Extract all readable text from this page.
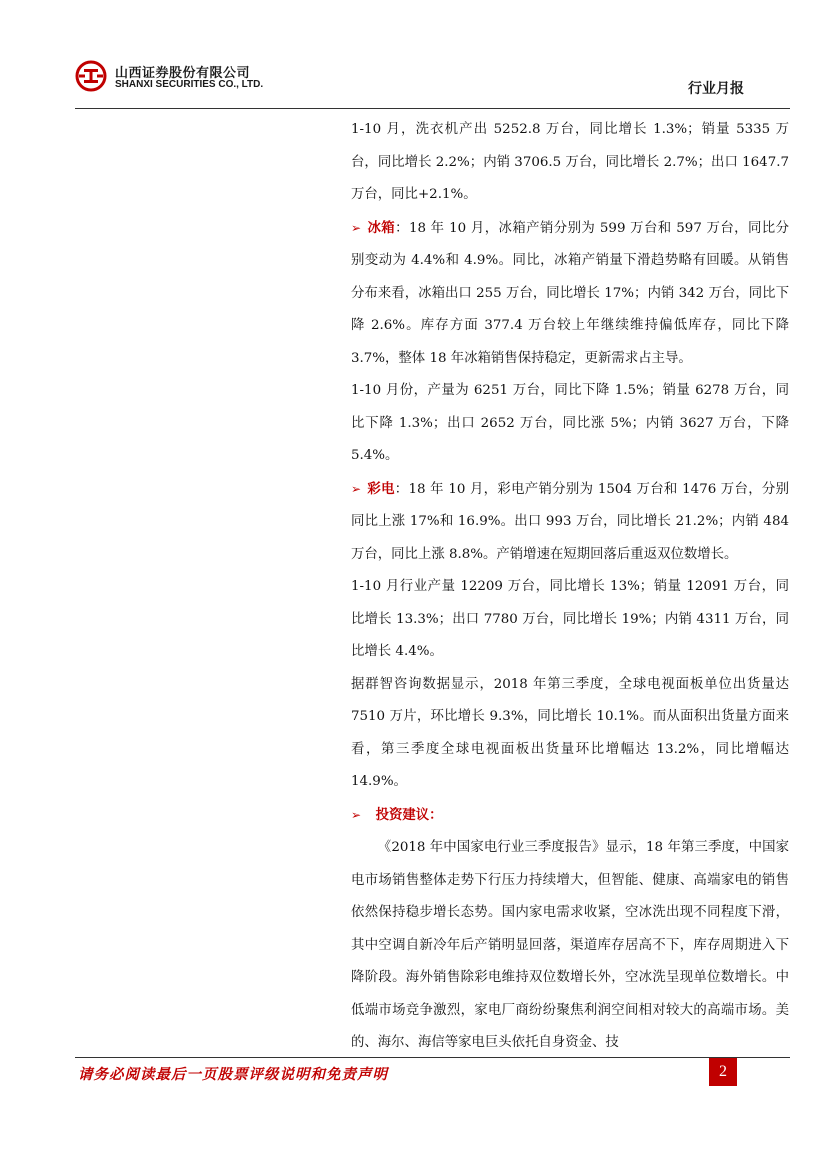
山西证券股份有限公司
SHANXI SECURITIES CO., LTD.	行业月报

1-10 月，洗衣机产出 5252.8 万台，同比增长 1.3%；销量 5335 万台，同比增长 2.2%；内销 3706.5 万台，同比增长 2.7%；出口 1647.7 万台，同比+2.1%。

➢ 冰箱：18 年 10 月，冰箱产销分别为 599 万台和 597 万台，同比分别变动为 4.4%和 4.9%。同比，冰箱产销量下滑趋势略有回暖。从销售分布来看，冰箱出口 255 万台，同比增长 17%；内销 342 万台，同比下降 2.6%。库存方面 377.4 万台较上年继续维持偏低库存，同比下降 3.7%，整体 18 年冰箱销售保持稳定，更新需求占主导。

1-10 月份，产量为 6251 万台，同比下降 1.5%；销量 6278 万台，同比下降 1.3%；出口 2652 万台，同比涨 5%；内销 3627 万台，下降 5.4%。

➢ 彩电：18 年 10 月，彩电产销分别为 1504 万台和 1476 万台，分别同比上涨 17%和 16.9%。出口 993 万台，同比增长 21.2%；内销 484 万台，同比上涨 8.8%。产销增速在短期回落后重返双位数增长。

1-10 月行业产量 12209 万台，同比增长 13%；销量 12091 万台，同比增长 13.3%；出口 7780 万台，同比增长 19%；内销 4311 万台，同比增长 4.4%。

据群智咨询数据显示，2018 年第三季度，全球电视面板单位出货量达 7510 万片，环比增长 9.3%，同比增长 10.1%。而从面积出货量方面来看，第三季度全球电视面板出货量环比增幅达 13.2%，同比增幅达 14.9%。

➢ 投资建议：

《2018 年中国家电行业三季度报告》显示，18 年第三季度，中国家电市场销售整体走势下行压力持续增大，但智能、健康、高端家电的销售依然保持稳步增长态势。国内家电需求收紧，空冰洗出现不同程度下滑，其中空调自新冷年后产销明显回落，渠道库存居高不下，库存周期进入下降阶段。海外销售除彩电维持双位数增长外，空冰洗呈现单位数增长。中低端市场竞争激烈，家电厂商纷纷聚焦利润空间相对较大的高端市场。美的、海尔、海信等家电巨头依托自身资金、技

请务必阅读最后一页股票评级说明和免责声明	2
